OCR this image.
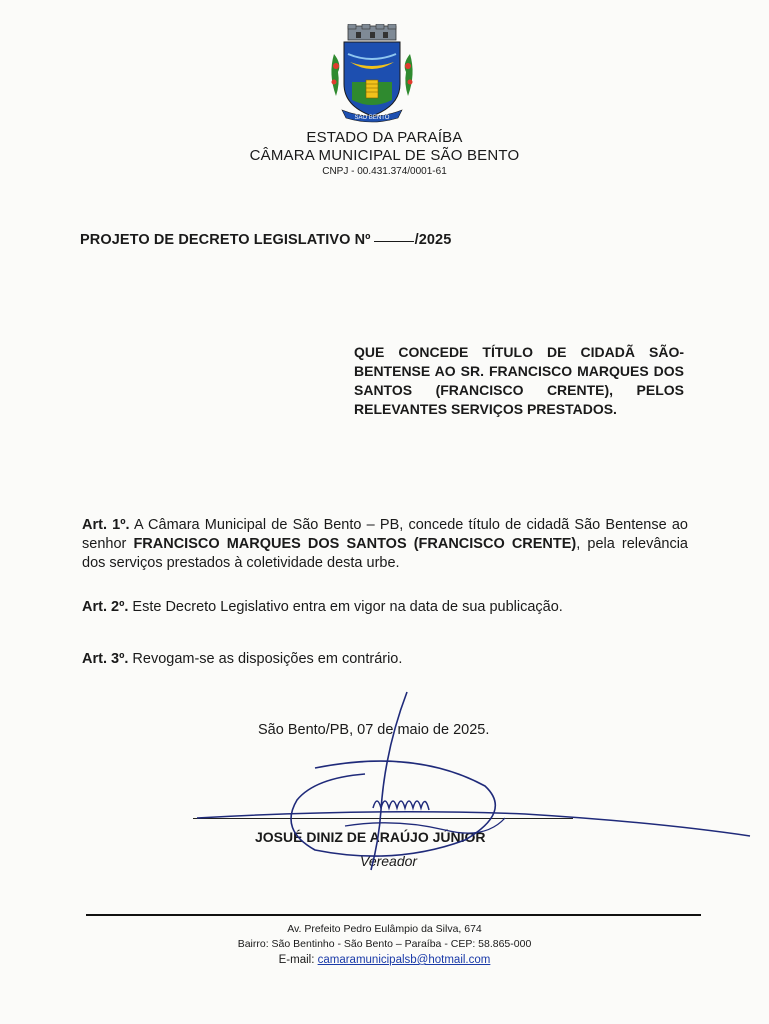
SÃO BENTO
ESTADO DA PARAÍBA
CÂMARA MUNICIPAL DE SÃO BENTO
CNPJ - 00.431.374/0001-61
PROJETO DE DECRETO LEGISLATIVO Nº	/2025
QUE CONCEDE TÍTULO DE CIDADÃ SÃO-BENTENSE AO SR. FRANCISCO MARQUES DOS SANTOS (FRANCISCO CRENTE), PELOS RELEVANTES SERVIÇOS PRESTADOS.
Art. 1º. A Câmara Municipal de São Bento – PB, concede título de cidadã São Bentense ao senhor FRANCISCO MARQUES DOS SANTOS (FRANCISCO CRENTE), pela relevância dos serviços prestados à coletividade desta urbe.
Art. 2º. Este Decreto Legislativo entra em vigor na data de sua publicação.
Art. 3º. Revogam-se as disposições em contrário.
São Bento/PB, 07 de maio de 2025.
JOSUÉ DINIZ DE ARAÚJO JÚNIOR
Vereador
Av. Prefeito Pedro Eulâmpio da Silva, 674
Bairro: São Bentinho - São Bento – Paraíba - CEP: 58.865-000
E-mail: camaramunicipalsb@hotmail.com
